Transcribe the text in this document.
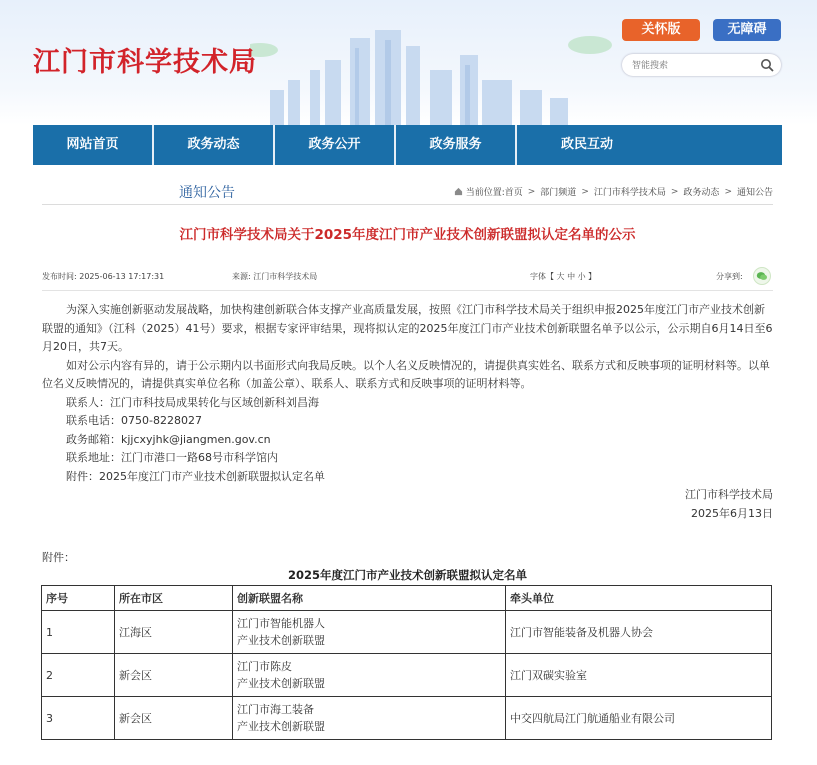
江门市科学技术局
关怀版	无障碍
智能搜索
网站首页	政务动态	政务公开	政务服务	政民互动
通知公告	当前位置: 首页 > 部门频道 > 江门市科学技术局 > 政务动态 > 通知公告
江门市科学技术局关于2025年度江门市产业技术创新联盟拟认定名单的公示
发布时间: 2025-06-13 17:17:31	来源: 江门市科学技术局	字体【 大 中 小 】	分享到:

为深入实施创新驱动发展战略，加快构建创新联合体支撑产业高质量发展，按照《江门市科学技术局关于组织申报2025年度江门市产业技术创新联盟的通知》（江科（2025）41号）要求，根据专家评审结果，现将拟认定的2025年度江门市产业技术创新联盟名单予以公示，公示期自6月14日至6月20日，共7天。

如对公示内容有异的，请于公示期内以书面形式向我局反映。以个人名义反映情况的，请提供真实姓名、联系方式和反映事项的证明材料等。以单位名义反映情况的，请提供真实单位名称（加盖公章）、联系人、联系方式和反映事项的证明材料等。

联系人：江门市科技局成果转化与区域创新科刘昌海

联系电话：0750-8228027

政务邮箱：kjjcxyjhk@jiangmen.gov.cn

联系地址：江门市港口一路68号市科学馆内

附件：2025年度江门市产业技术创新联盟拟认定名单

江门市科学技术局

2025年6月13日

附件：
2025年度江门市产业技术创新联盟拟认定名单
序号	所在市区	创新联盟名称	牵头单位
1	江海区	江门市智能机器人
产业技术创新联盟	江门市智能装备及机器人协会
2	新会区	江门市陈皮
产业技术创新联盟	江门双碳实验室
3	新会区	江门市海工装备
产业技术创新联盟	中交四航局江门航通船业有限公司
